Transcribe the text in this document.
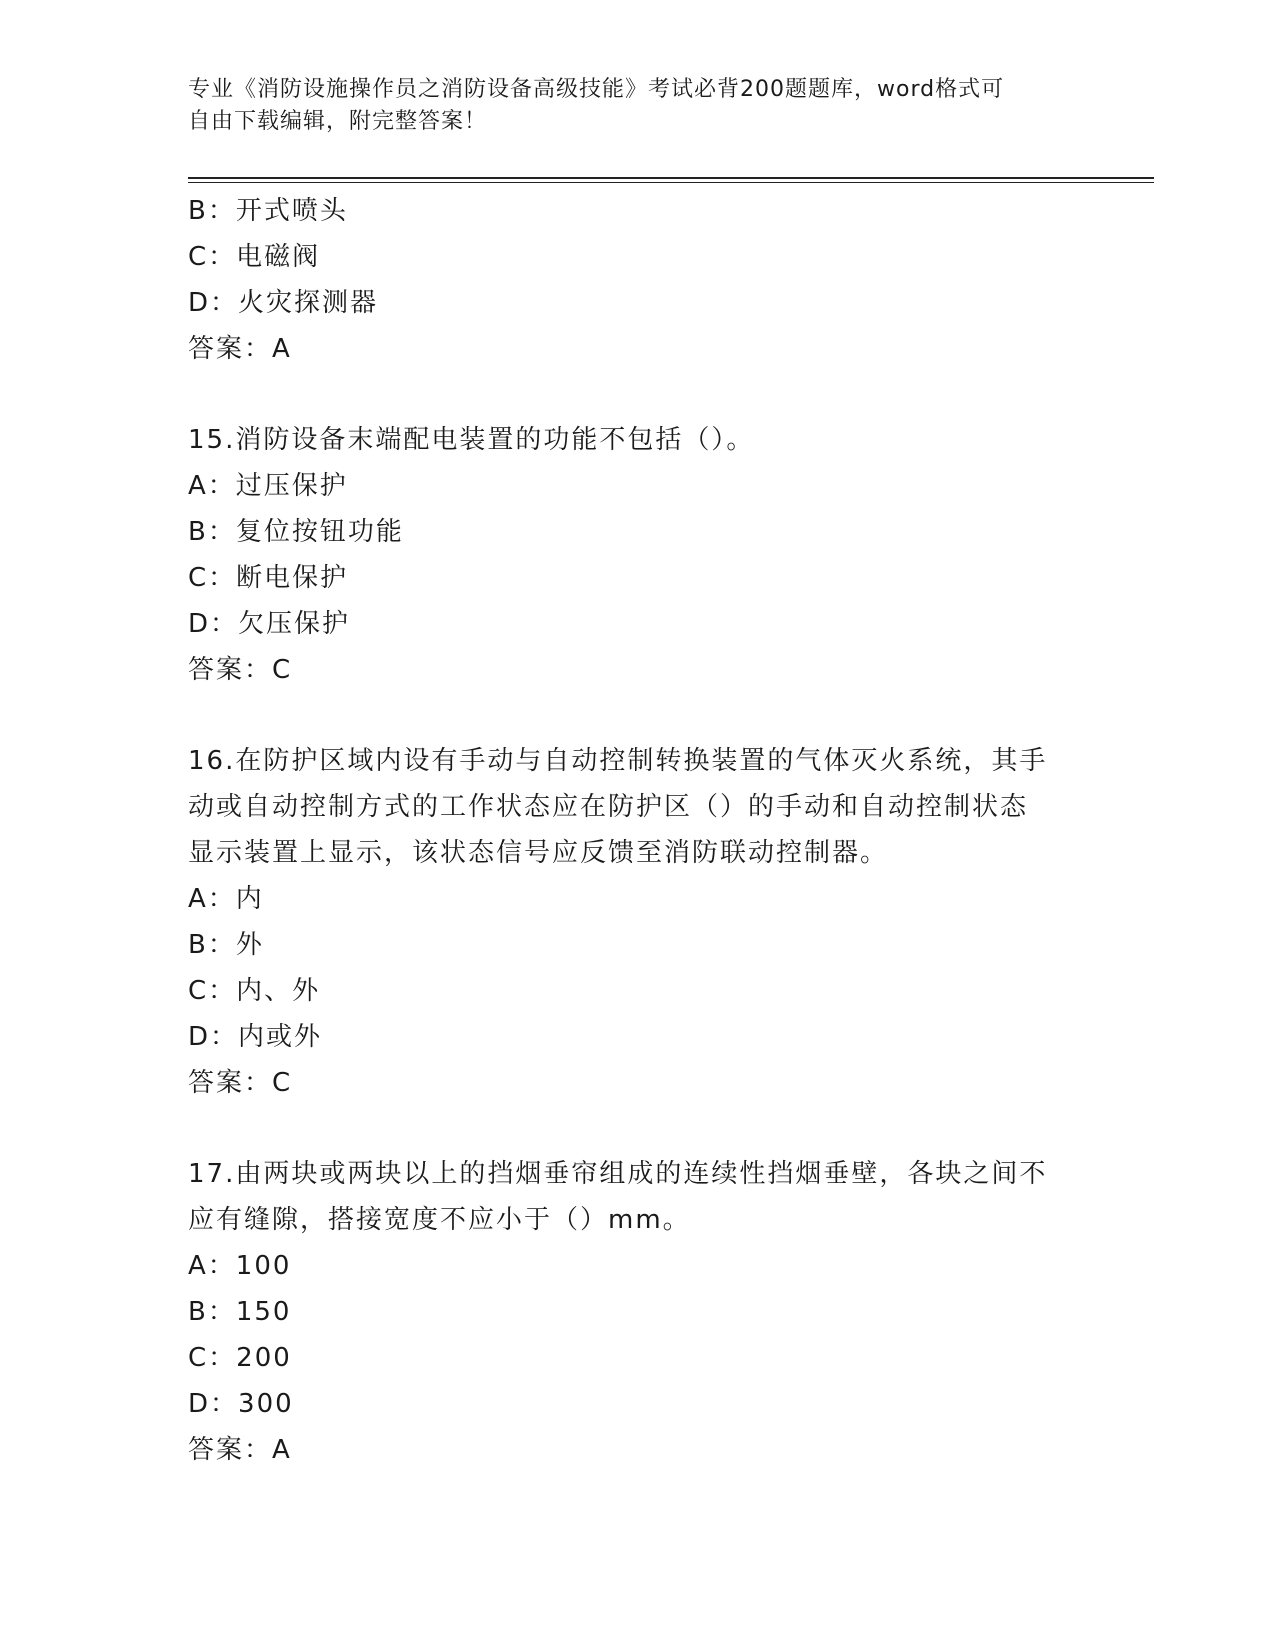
专业《消防设施操作员之消防设备高级技能》考试必背200题题库，word格式可
自由下载编辑，附完整答案！
B：开式喷头
C：电磁阀
D：火灾探测器
答案：A
15.消防设备末端配电装置的功能不包括（）。
A：过压保护
B：复位按钮功能
C：断电保护
D：欠压保护
答案：C
16.在防护区域内设有手动与自动控制转换装置的气体灭火系统，其手
动或自动控制方式的工作状态应在防护区（）的手动和自动控制状态
显示装置上显示，该状态信号应反馈至消防联动控制器。
A：内
B：外
C：内、外
D：内或外
答案：C
17.由两块或两块以上的挡烟垂帘组成的连续性挡烟垂壁，各块之间不
应有缝隙，搭接宽度不应小于（）mm。
A：100
B：150
C：200
D：300
答案：A
